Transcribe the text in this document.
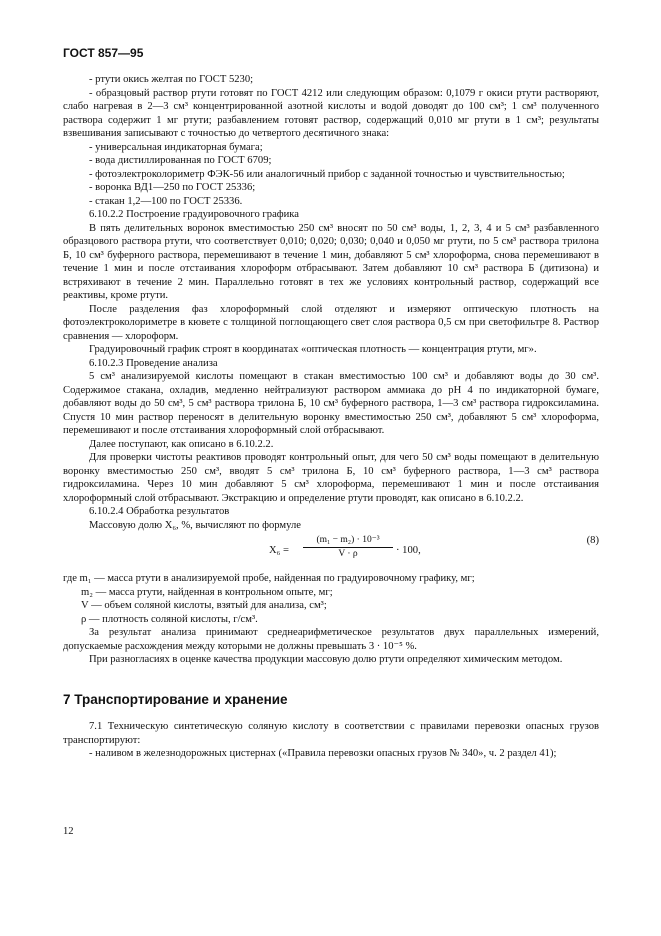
ГОСТ 857—95

- ртути окись желтая по ГОСТ 5230;

- образцовый раствор ртути готовят по ГОСТ 4212 или следующим образом: 0,1079 г окиси ртути растворяют, слабо нагревая в 2—3 см³ концентрированной азотной кислоты и водой доводят до 100 см³; 1 см³ полученного раствора содержит 1 мг ртути; разбавлением готовят раствор, содержащий 0,010 мг ртути в 1 см³; результаты взвешивания записывают с точностью до четвертого десятичного знака:

- универсальная индикаторная бумага;

- вода дистиллированная по ГОСТ 6709;

- фотоэлектроколориметр ФЭК-56 или аналогичный прибор с заданной точностью и чувствительностью;

- воронка ВД1—250 по ГОСТ 25336;

- стакан 1,2—100 по ГОСТ 25336.

6.10.2.2 Построение градуировочного графика

В пять делительных воронок вместимостью 250 см³ вносят по 50 см³ воды, 1, 2, 3, 4 и 5 см³ разбавленного образцового раствора ртути, что соответствует 0,010; 0,020; 0,030; 0,040 и 0,050 мг ртути, по 5 см³ раствора трилона Б, 10 см³ буферного раствора, перемешивают в течение 1 мин, добавляют 5 см³ хлороформа, снова перемешивают в течение 1 мин и после отстаивания хлороформ отбрасывают. Затем добавляют 10 см³ раствора Б (дитизона) и встряхивают в течение 2 мин. Параллельно готовят в тех же условиях контрольный раствор, содержащий все реактивы, кроме ртути.

После разделения фаз хлороформный слой отделяют и измеряют оптическую плотность на фотоэлектроколориметре в кювете с толщиной поглощающего свет слоя раствора 0,5 см при светофильтре 8. Раствор сравнения — хлороформ.

Градуировочный график строят в координатах «оптическая плотность — концентрация ртути, мг».

6.10.2.3 Проведение анализа

5 см³ анализируемой кислоты помещают в стакан вместимостью 100 см³ и добавляют воды до 30 см³. Содержимое стакана, охладив, медленно нейтрализуют раствором аммиака до рН 4 по индикаторной бумаге, добавляют воды до 50 см³, 5 см³ раствора трилона Б, 10 см³ буферного раствора, 1—3 см³ раствора гидроксиламина. Спустя 10 мин раствор переносят в делительную воронку вместимостью 250 см³, добавляют 5 см³ хлороформа, перемешивают и после отстаивания хлороформный слой отбрасывают.

Далее поступают, как описано в 6.10.2.2.

Для проверки чистоты реактивов проводят контрольный опыт, для чего 50 см³ воды помещают в делительную воронку вместимостью 250 см³, вводят 5 см³ трилона Б, 10 см³ буферного раствора, 1—3 см³ раствора гидроксиламина. Через 10 мин добавляют 5 см³ хлороформа, перемешивают 1 мин и после отстаивания хлороформный слой отбрасывают. Экстракцию и определение ртути проводят, как описано в 6.10.2.2.

6.10.2.4 Обработка результатов

Массовую долю X₆, %, вычисляют по формуле

$X_6 = \frac{\text{(m₁ − m₂) · 10⁻³}}{V \cdot \rho} \cdot 100$,
(8)

где m₁ — масса ртути в анализируемой пробе, найденная по градуировочному графику, мг;

m₂ — масса ртути, найденная в контрольном опыте, мг;

V — объем соляной кислоты, взятый для анализа, см³;

ρ — плотность соляной кислоты, г/см³.

За результат анализа принимают среднеарифметическое результатов двух параллельных измерений, допускаемые расхождения между которыми не должны превышать 3 · 10⁻⁵ %.

При разногласиях в оценке качества продукции массовую долю ртути определяют химическим методом.

7 Транспортирование и хранение

7.1 Техническую синтетическую соляную кислоту в соответствии с правилами перевозки опасных грузов транспортируют:

- наливом в железнодорожных цистернах («Правила перевозки опасных грузов № 340», ч. 2 раздел 41);

12
